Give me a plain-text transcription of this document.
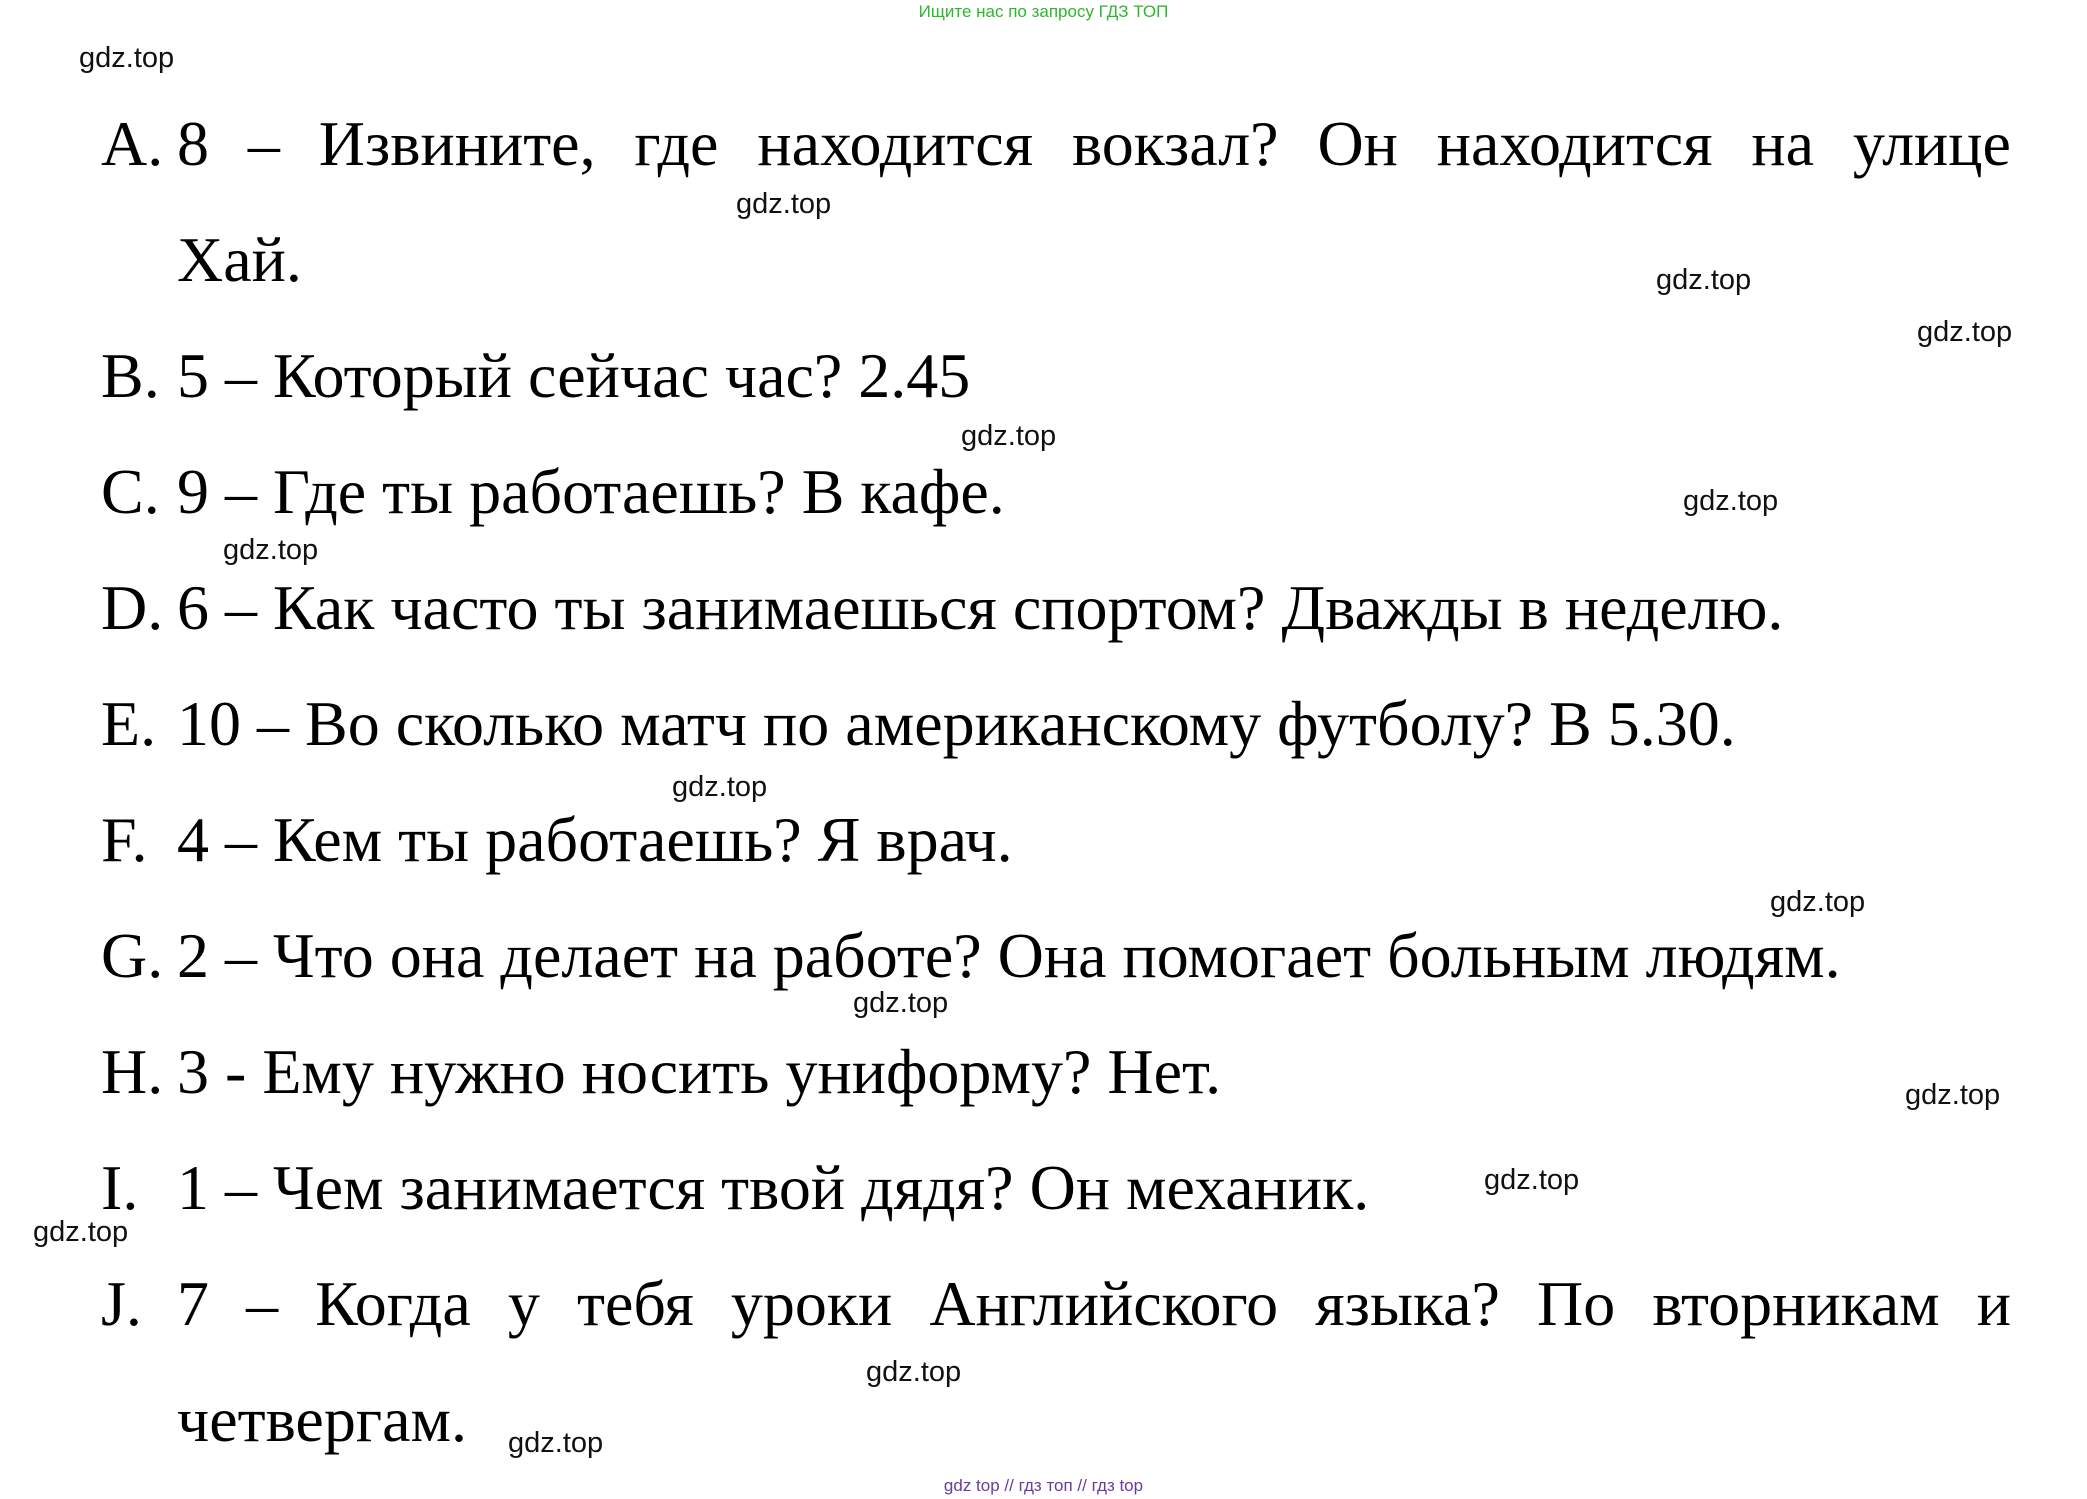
Ищите нас по запросу ГДЗ ТОП
gdz.top
gdz.top
gdz.top
gdz.top
gdz.top
gdz.top
gdz.top
gdz.top
gdz.top
gdz.top
gdz.top
gdz.top
gdz.top
gdz.top
gdz.top
A. 8 – Извините, где находится вокзал? Он находится на улице
Хай.
B. 5 – Который сейчас час? 2.45
C. 9 – Где ты работаешь? В кафе.
D. 6 – Как часто ты занимаешься спортом? Дважды в неделю.
E. 10 – Во сколько матч по американскому футболу? В 5.30.
F. 4 – Кем ты работаешь? Я врач.
G. 2 – Что она делает на работе? Она помогает больным людям.
H. 3 - Ему нужно носить униформу? Нет.
I. 1 – Чем занимается твой дядя? Он механик.
J. 7 – Когда у тебя уроки Английского языка? По вторникам и
четвергам.
gdz top // гдз топ // гдз top
